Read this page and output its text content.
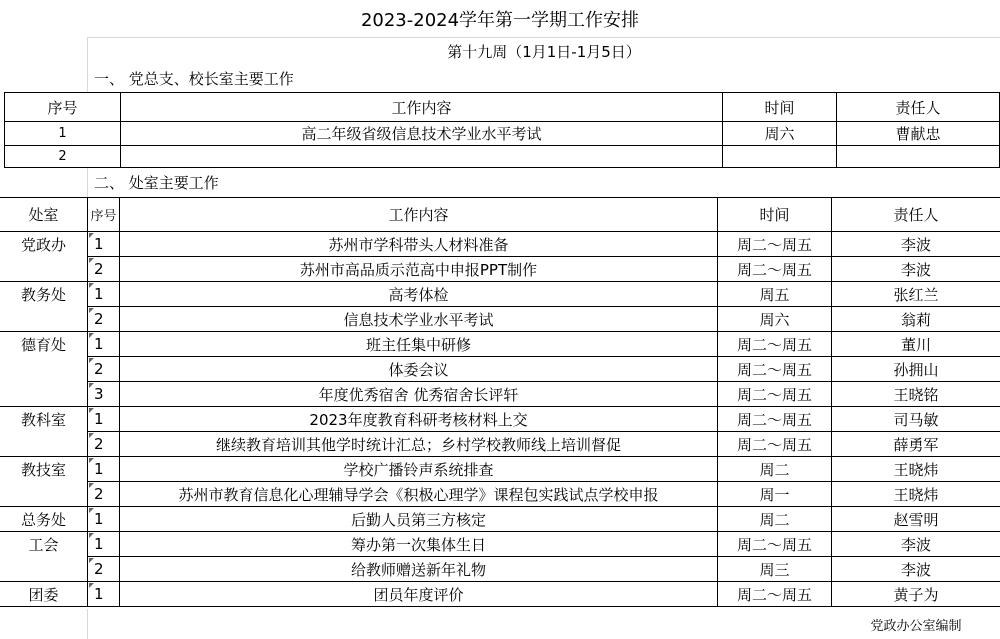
2023-2024学年第一学期工作安排
第十九周（1月1日-1月5日）
一、 党总支、校长室主要工作
序号	工作内容	时间	责任人
1	高二年级省级信息技术学业水平考试	周六	曹献忠
2
二、 处室主要工作
处室	序号	工作内容	时间	责任人
党政办	1	苏州市学科带头人材料准备	周二～周五	李波
2	苏州市高品质示范高中申报PPT制作	周二～周五	李波
教务处	1	高考体检	周五	张红兰
2	信息技术学业水平考试	周六	翁莉
德育处	1	班主任集中研修	周二～周五	董川
2	体委会议	周二～周五	孙拥山
3	年度优秀宿舍 优秀宿舍长评轩	周二～周五	王晓铭
教科室	1	2023年度教育科研考核材料上交	周二～周五	司马敏
2	继续教育培训其他学时统计汇总；乡村学校教师线上培训督促	周二～周五	薛勇军
教技室	1	学校广播铃声系统排查	周二	王晓炜
2	苏州市教育信息化心理辅导学会《积极心理学》课程包实践试点学校申报	周一	王晓炜
总务处	1	后勤人员第三方核定	周二	赵雪明
工会	1	筹办第一次集体生日	周二～周五	李波
2	给教师赠送新年礼物	周三	李波
团委	1	团员年度评价	周二～周五	黄子为
党政办公室编制
